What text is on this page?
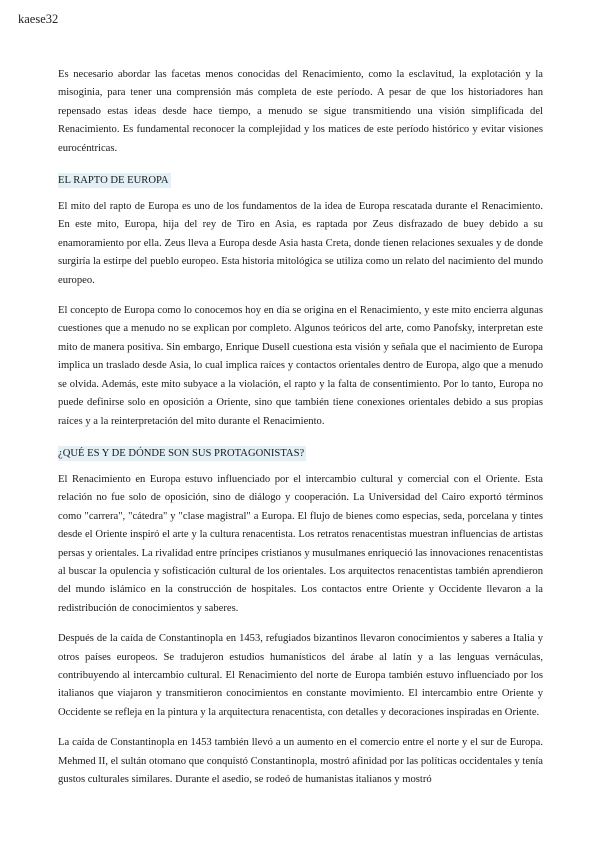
kaese32

Es necesario abordar las facetas menos conocidas del Renacimiento, como la esclavitud, la explotación y la misoginia, para tener una comprensión más completa de este período. A pesar de que los historiadores han repensado estas ideas desde hace tiempo, a menudo se sigue transmitiendo una visión simplificada del Renacimiento. Es fundamental reconocer la complejidad y los matices de este período histórico y evitar visiones eurocéntricas.

EL RAPTO DE EUROPA

El mito del rapto de Europa es uno de los fundamentos de la idea de Europa rescatada durante el Renacimiento. En este mito, Europa, hija del rey de Tiro en Asia, es raptada por Zeus disfrazado de buey debido a su enamoramiento por ella. Zeus lleva a Europa desde Asia hasta Creta, donde tienen relaciones sexuales y de donde surgiría la estirpe del pueblo europeo. Esta historia mitológica se utiliza como un relato del nacimiento del mundo europeo.

El concepto de Europa como lo conocemos hoy en día se origina en el Renacimiento, y este mito encierra algunas cuestiones que a menudo no se explican por completo. Algunos teóricos del arte, como Panofsky, interpretan este mito de manera positiva. Sin embargo, Enrique Dusell cuestiona esta visión y señala que el nacimiento de Europa implica un traslado desde Asia, lo cual implica raíces y contactos orientales dentro de Europa, algo que a menudo se olvida. Además, este mito subyace a la violación, el rapto y la falta de consentimiento. Por lo tanto, Europa no puede definirse solo en oposición a Oriente, sino que también tiene conexiones orientales debido a sus propias raíces y a la reinterpretación del mito durante el Renacimiento.

¿QUÉ ES Y DE DÓNDE SON SUS PROTAGONISTAS?

El Renacimiento en Europa estuvo influenciado por el intercambio cultural y comercial con el Oriente. Esta relación no fue solo de oposición, sino de diálogo y cooperación. La Universidad del Cairo exportó términos como "carrera", "cátedra" y "clase magistral" a Europa. El flujo de bienes como especias, seda, porcelana y tintes desde el Oriente inspiró el arte y la cultura renacentista. Los retratos renacentistas muestran influencias de artistas persas y orientales. La rivalidad entre príncipes cristianos y musulmanes enriqueció las innovaciones renacentistas al buscar la opulencia y sofisticación cultural de los orientales. Los arquitectos renacentistas también aprendieron del mundo islámico en la construcción de hospitales. Los contactos entre Oriente y Occidente llevaron a la redistribución de conocimientos y saberes.

Después de la caída de Constantinopla en 1453, refugiados bizantinos llevaron conocimientos y saberes a Italia y otros países europeos. Se tradujeron estudios humanísticos del árabe al latín y a las lenguas vernáculas, contribuyendo al intercambio cultural. El Renacimiento del norte de Europa también estuvo influenciado por los italianos que viajaron y transmitieron conocimientos en constante movimiento. El intercambio entre Oriente y Occidente se refleja en la pintura y la arquitectura renacentista, con detalles y decoraciones inspiradas en Oriente.

La caída de Constantinopla en 1453 también llevó a un aumento en el comercio entre el norte y el sur de Europa. Mehmed II, el sultán otomano que conquistó Constantinopla, mostró afinidad por las políticas occidentales y tenía gustos culturales similares. Durante el asedio, se rodeó de humanistas italianos y mostró
